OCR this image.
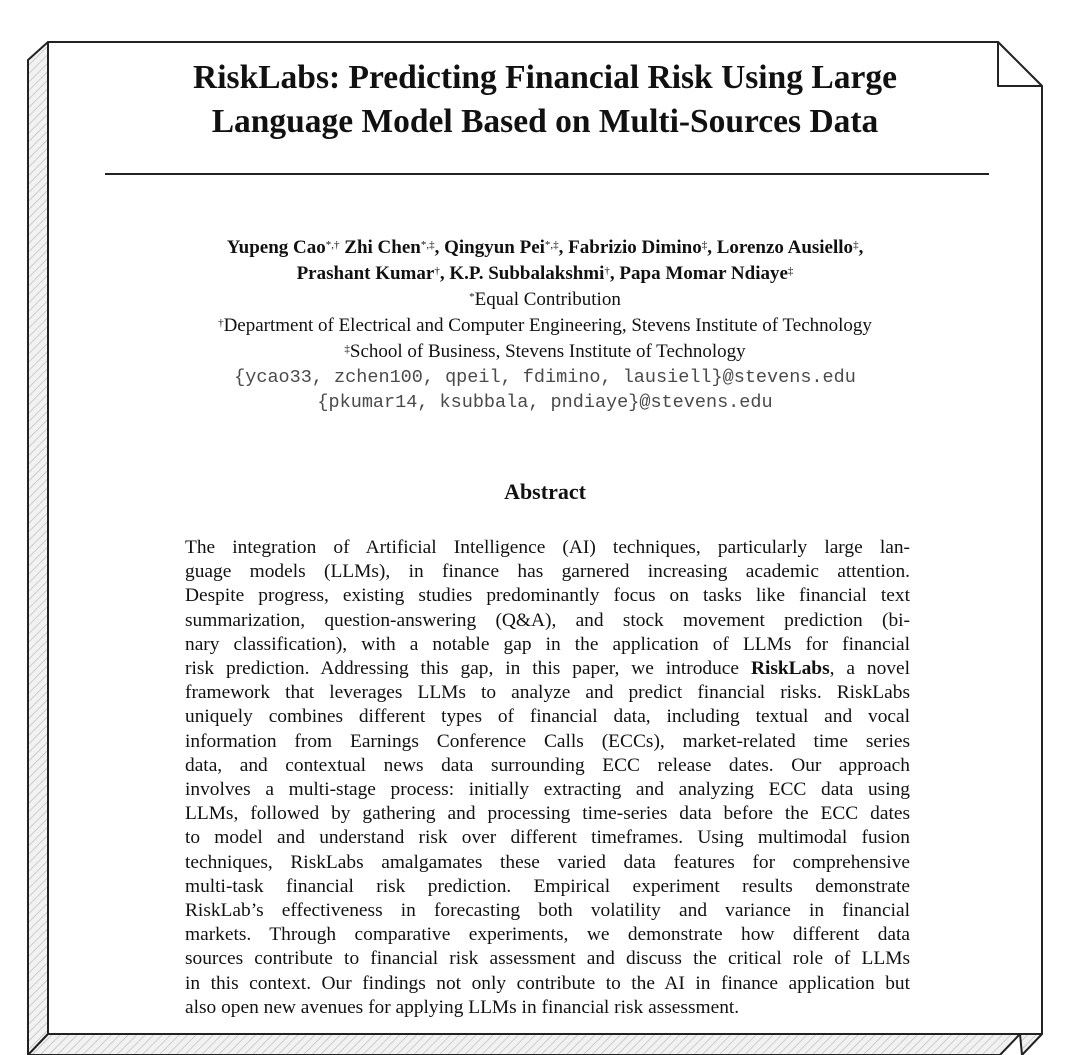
RiskLabs: Predicting Financial Risk Using Large
Language Model Based on Multi-Sources Data
Yupeng Cao*,† Zhi Chen*,‡, Qingyun Pei*,‡, Fabrizio Dimino‡, Lorenzo Ausiello‡,
Prashant Kumar†, K.P. Subbalakshmi†, Papa Momar Ndiaye‡
*Equal Contribution
†Department of Electrical and Computer Engineering, Stevens Institute of Technology
‡School of Business, Stevens Institute of Technology
{ycao33, zchen100, qpeil, fdimino, lausiell}@stevens.edu
{pkumar14, ksubbala, pndiaye}@stevens.edu
Abstract
The integration of Artificial Intelligence (AI) techniques, particularly large lan-
guage models (LLMs), in finance has garnered increasing academic attention.
Despite progress, existing studies predominantly focus on tasks like financial text
summarization, question-answering (Q&A), and stock movement prediction (bi-
nary classification), with a notable gap in the application of LLMs for financial
risk prediction. Addressing this gap, in this paper, we introduce RiskLabs, a novel
framework that leverages LLMs to analyze and predict financial risks. RiskLabs
uniquely combines different types of financial data, including textual and vocal
information from Earnings Conference Calls (ECCs), market-related time series
data, and contextual news data surrounding ECC release dates. Our approach
involves a multi-stage process: initially extracting and analyzing ECC data using
LLMs, followed by gathering and processing time-series data before the ECC dates
to model and understand risk over different timeframes. Using multimodal fusion
techniques, RiskLabs amalgamates these varied data features for comprehensive
multi-task financial risk prediction. Empirical experiment results demonstrate
RiskLab’s effectiveness in forecasting both volatility and variance in financial
markets. Through comparative experiments, we demonstrate how different data
sources contribute to financial risk assessment and discuss the critical role of LLMs
in this context. Our findings not only contribute to the AI in finance application but
also open new avenues for applying LLMs in financial risk assessment.
